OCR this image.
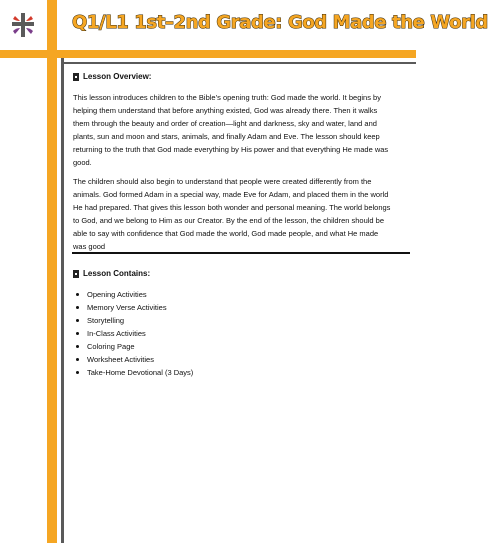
Q1/L1 1st–2nd Grade: God Made the World
Lesson Overview:

This lesson introduces children to the Bible’s opening truth: God made the world. It begins by helping them understand that before anything existed, God was already there. Then it walks them through the beauty and order of creation—light and darkness, sky and water, land and plants, sun and moon and stars, animals, and finally Adam and Eve. The lesson should keep returning to the truth that God made everything by His power and that everything He made was good.

The children should also begin to understand that people were created differently from the animals. God formed Adam in a special way, made Eve for Adam, and placed them in the world He had prepared. That gives this lesson both wonder and personal meaning. The world belongs to God, and we belong to Him as our Creator. By the end of the lesson, the children should be able to say with confidence that God made the world, God made people, and what He made was good

Lesson Contains:
Opening Activities
Memory Verse Activities
Storytelling
In-Class Activities
Coloring Page
Worksheet Activities
Take-Home Devotional (3 Days)
